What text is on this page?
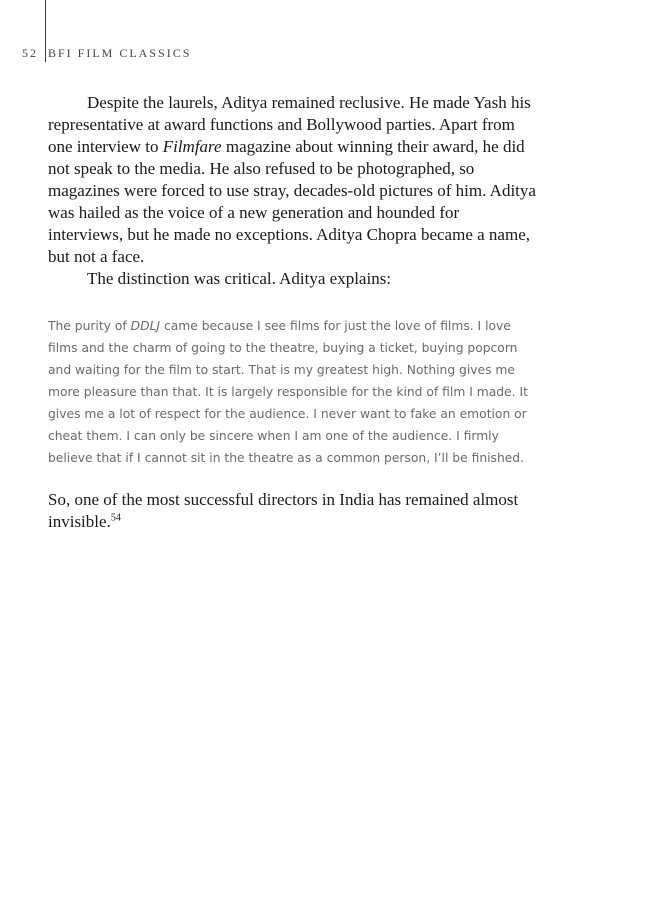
52 BFI FILM CLASSICS

Despite the laurels, Aditya remained reclusive. He made Yash his representative at award functions and Bollywood parties. Apart from one interview to Filmfare magazine about winning their award, he did not speak to the media. He also refused to be photographed, so magazines were forced to use stray, decades-old pictures of him. Aditya was hailed as the voice of a new generation and hounded for interviews, but he made no exceptions. Aditya Chopra became a name, but not a face.

The distinction was critical. Aditya explains:

The purity of DDLJ came because I see films for just the love of films. I love films and the charm of going to the theatre, buying a ticket, buying popcorn and waiting for the film to start. That is my greatest high. Nothing gives me more pleasure than that. It is largely responsible for the kind of film I made. It gives me a lot of respect for the audience. I never want to fake an emotion or cheat them. I can only be sincere when I am one of the audience. I firmly believe that if I cannot sit in the theatre as a common person, I’ll be finished.

So, one of the most successful directors in India has remained almost invisible.$^{54}$
